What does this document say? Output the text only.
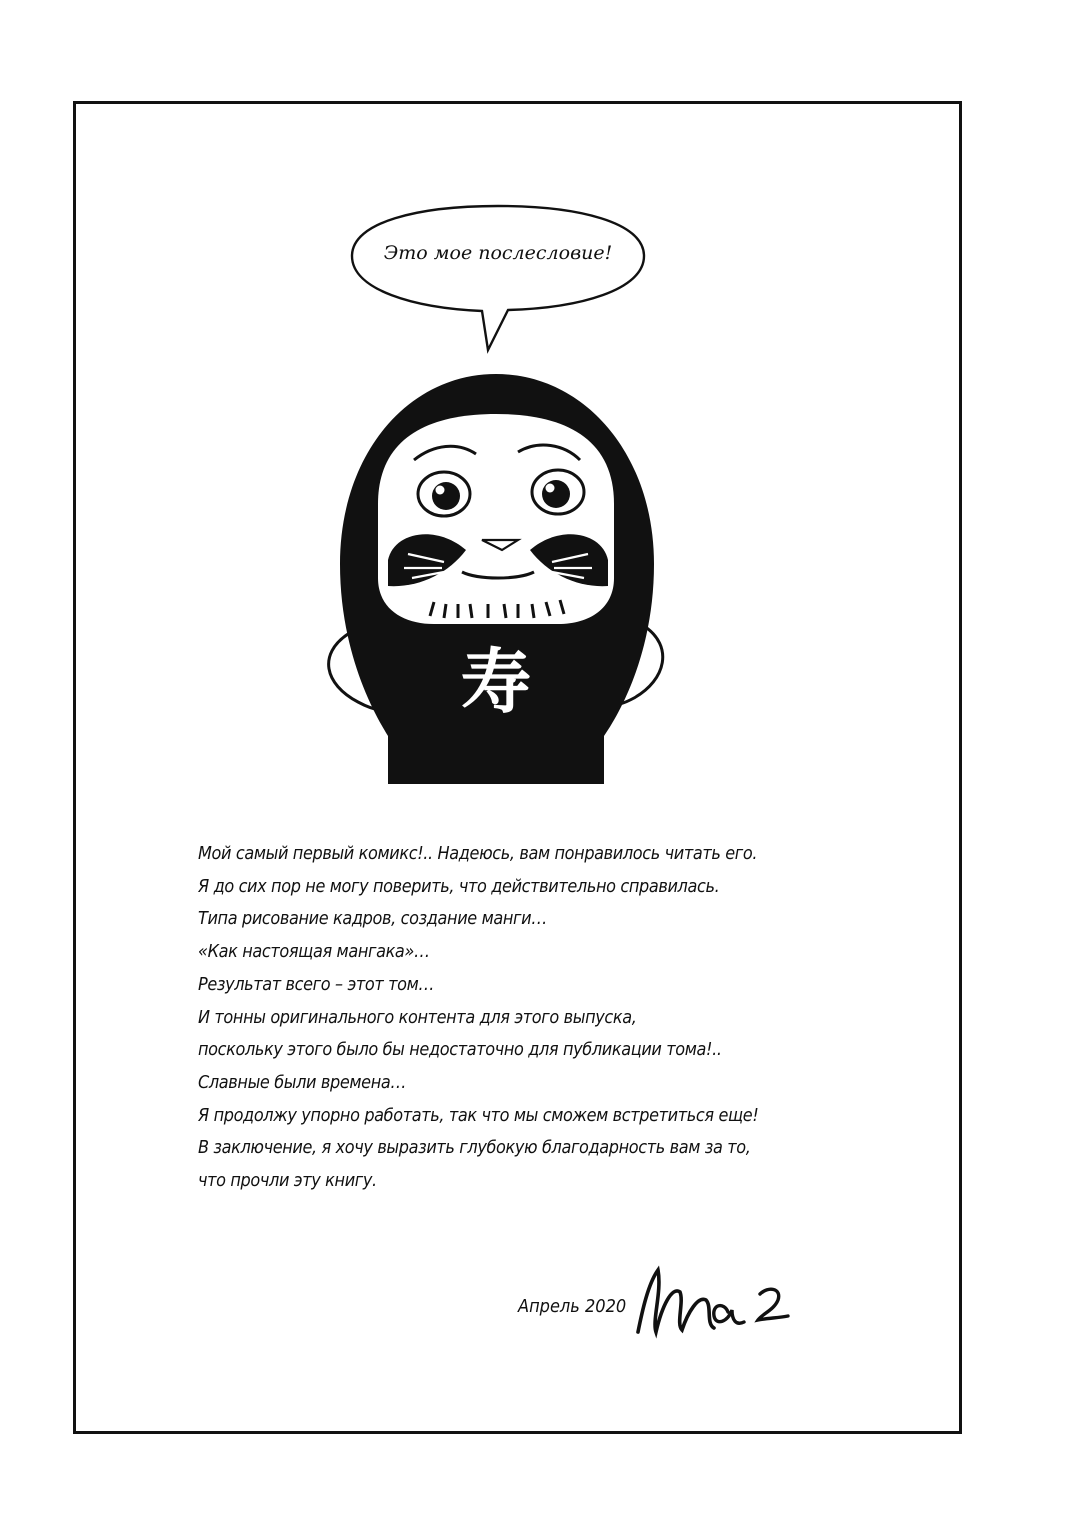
Это мое послесловие!
寿
Мой самый первый комикс!.. Надеюсь, вам понравилось читать его.
Я до сих пор не могу поверить, что действительно справилась.
Типа рисование кадров, создание манги…
«Как настоящая мангака»…
Результат всего – этот том…
И тонны оригинального контента для этого выпуска,
поскольку этого было бы недостаточно для публикации тома!..
Славные были времена…
Я продолжу упорно работать, так что мы сможем встретиться еще!
В заключение, я хочу выразить глубокую благодарность вам за то,
что прочли эту книгу.
Апрель 2020
